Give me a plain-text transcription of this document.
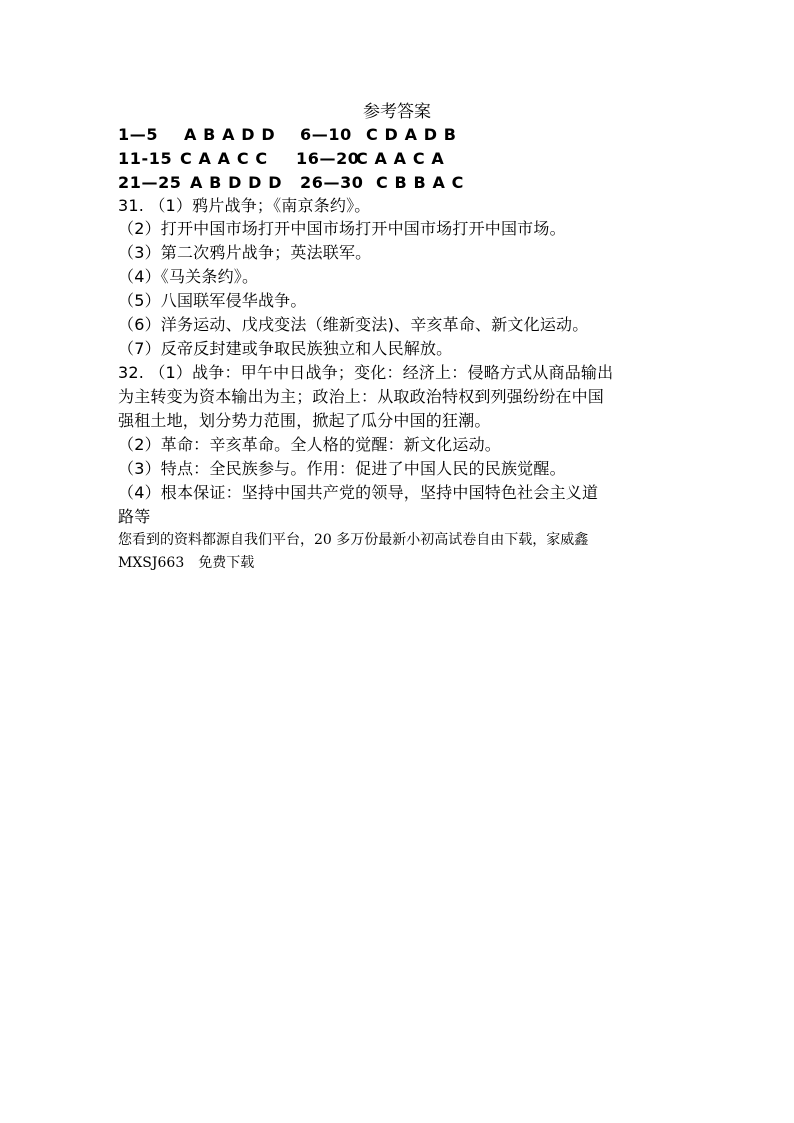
参考答案
1—5 A B A D D 6—10 C D A D B
11-15 C A A C C 16—20
C A A C A
21—25 A B D D D 26—30 C B B A C
31. （1）鸦片战争；《南京条约》。
（2）打开中国市场打开中国市场打开中国市场打开中国市场。
（3）第二次鸦片战争；英法联军。
（4）《马关条约》。
（5）八国联军侵华战争。
（6）洋务运动、戊戌变法（维新变法)、辛亥革命、新文化运动。
（7）反帝反封建或争取民族独立和人民解放。
32. （1）战争：甲午中日战争；变化：经济上：侵略方式从商品输出
为主转变为资本输出为主；政治上：从取政治特权到列强纷纷在中国
强租土地，划分势力范围，掀起了瓜分中国的狂潮。
（2）革命：辛亥革命。全人格的觉醒：新文化运动。
（3）特点：全民族参与。作用：促进了中国人民的民族觉醒。
（4）根本保证：坚持中国共产党的领导，坚持中国特色社会主义道
路等
您看到的资料都源自我们平台，20 多万份最新小初高试卷自由下载，家威鑫
MXSJ663　免费下载
